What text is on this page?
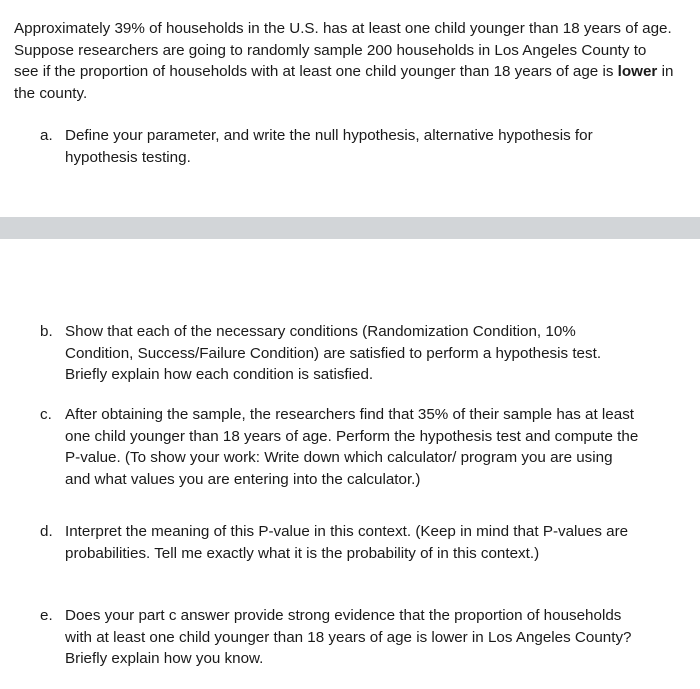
Approximately 39% of households in the U.S. has at least one child younger than 18 years of age. Suppose researchers are going to randomly sample 200 households in Los Angeles County to see if the proportion of households with at least one child younger than 18 years of age is lower in the county.

a. Define your parameter, and write the null hypothesis, alternative hypothesis for hypothesis testing.
b. Show that each of the necessary conditions (Randomization Condition, 10% Condition, Success/Failure Condition) are satisfied to perform a hypothesis test. Briefly explain how each condition is satisfied.
c. After obtaining the sample, the researchers find that 35% of their sample has at least one child younger than 18 years of age. Perform the hypothesis test and compute the P-value. (To show your work: Write down which calculator/ program you are using and what values you are entering into the calculator.)
d. Interpret the meaning of this P-value in this context. (Keep in mind that P-values are probabilities. Tell me exactly what it is the probability of in this context.)
e. Does your part c answer provide strong evidence that the proportion of households with at least one child younger than 18 years of age is lower in Los Angeles County? Briefly explain how you know.
